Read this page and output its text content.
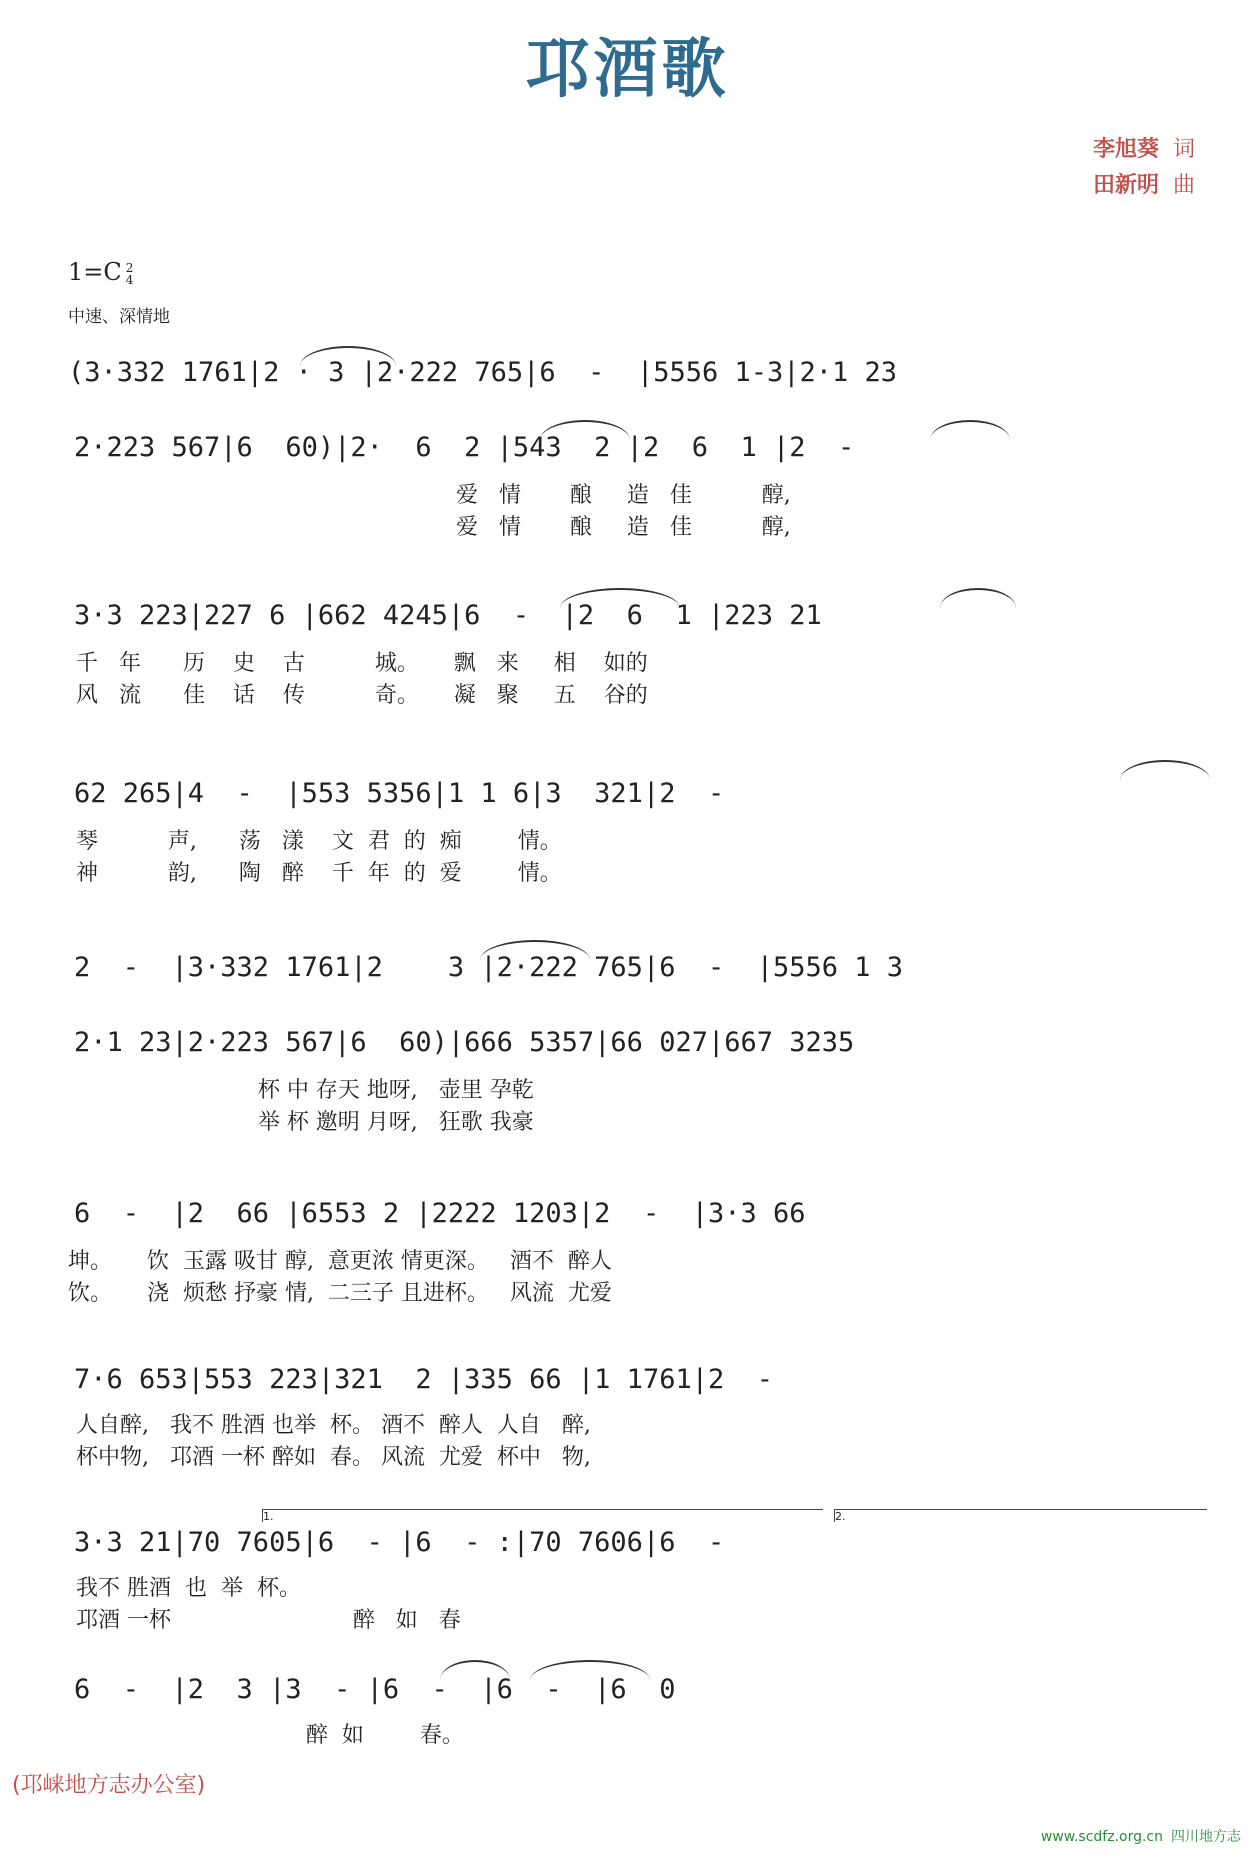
邛酒歌
李旭葵 词
田新明 曲
1=C 2
4
中速、深情地
(3·332 1761|2 · 3 |2·222 765|6  -  |5556 1-3|2·1 23
2·223 567|6  60)|2·  6  2 |543  2 |2  6  1 |2  -
爱   情       酿     造   佳          醇,
爱   情       酿     造   佳          醇,
3·3 223|227 6 |662 4245|6  -  |2  6  1 |223 21
千   年      历    史    古          城。     飘   来     相    如的
风   流      佳    话    传          奇。     凝   聚     五    谷的
62 265|4  -  |553 5356|1 1 6|3  321|2  -
琴          声,      荡   漾    文  君  的  痴        情。
神          韵,      陶   醉    千  年  的  爱        情。
2  -  |3·332 1761|2    3 |2·222 765|6  -  |5556 1 3
2·1 23|2·223 567|6  60)|666 5357|66 027|667 3235
杯 中 存天 地呀,   壶里 孕乾
举 杯 邀明 月呀,   狂歌 我豪
6  -  |2  66 |6553 2 |2222 1203|2  -  |3·3 66
坤。     饮  玉露 吸甘 醇,  意更浓 情更深。   酒不  醉人
饮。     浇  烦愁 抒豪 情,  二三子 且进杯。   风流  尤爱
7·6 653|553 223|321  2 |335 66 |1 1761|2  -
人自醉,   我不 胜酒 也举  杯。 酒不  醉人  人自   醉,
杯中物,   邛酒 一杯 醉如  春。 风流  尤爱  杯中   物,
1.	2.
3·3 21|70 7605|6  - |6  - :|70 7606|6  -
我不 胜酒  也  举  杯。
邛酒 一杯                          醉   如   春
6  -  |2  3 |3  - |6  -  |6  -  |6  0
醉  如        春。
(邛崃地方志办公室)
www.scdfz.org.cn 四川地方志
